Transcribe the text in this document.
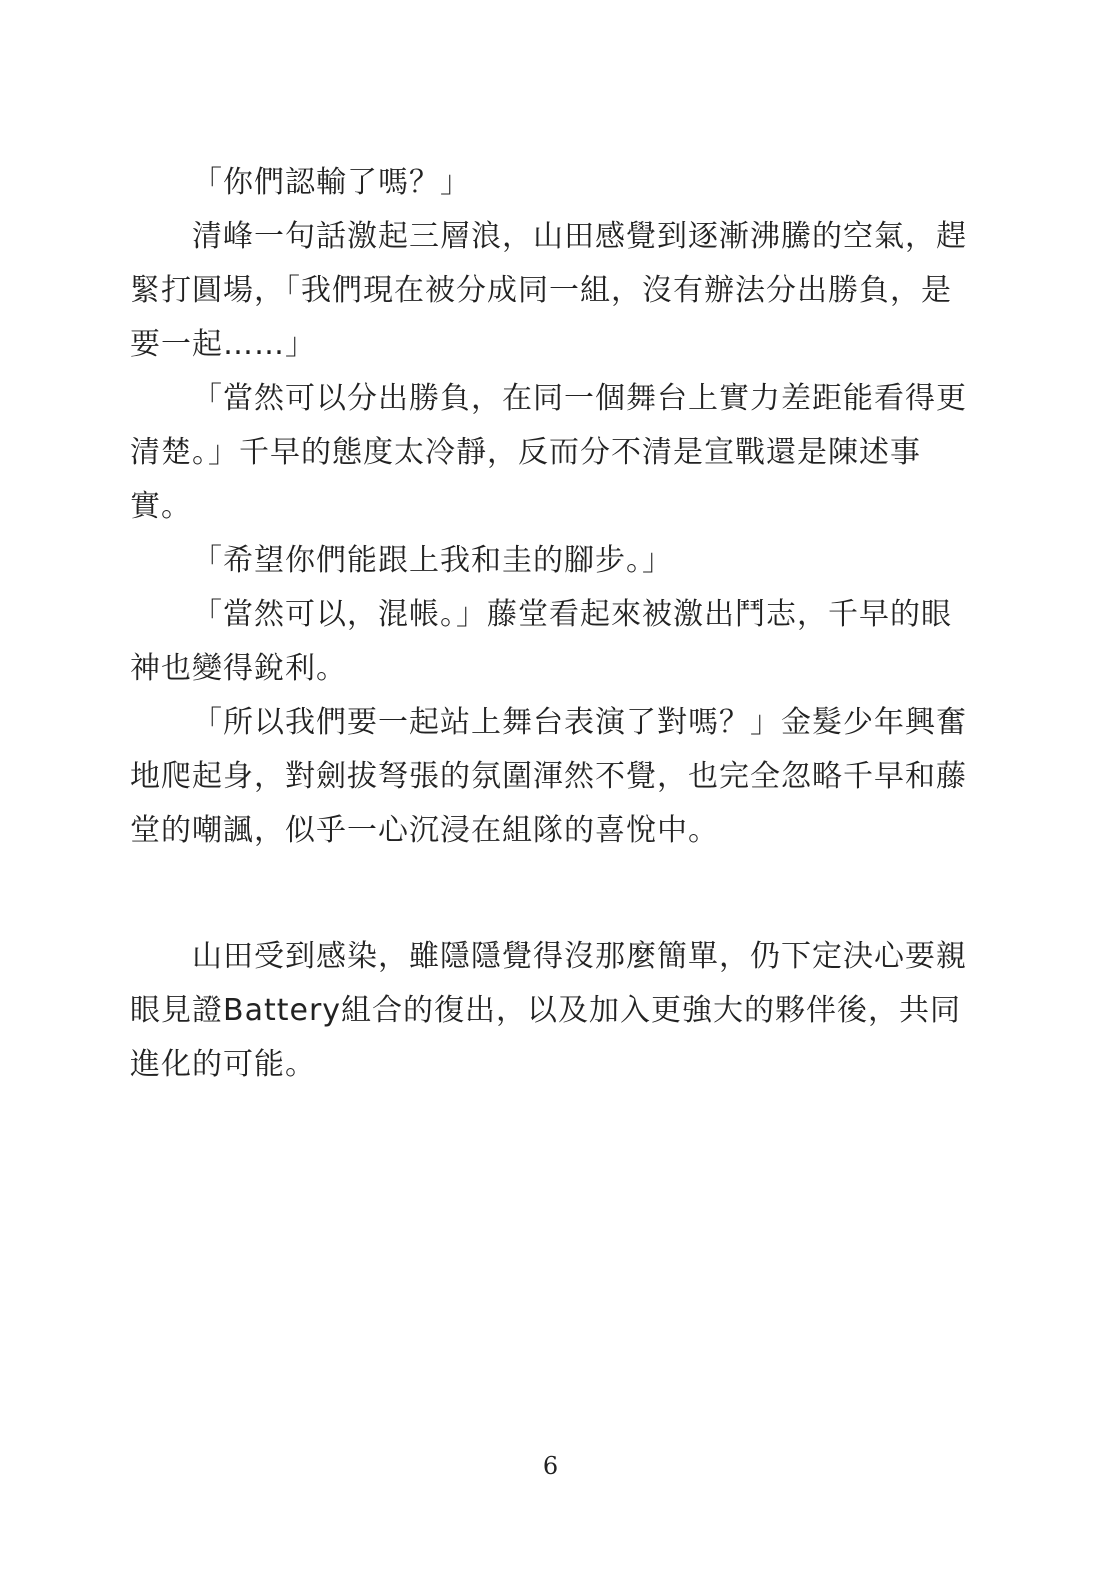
「你們認輸了嗎？」

清峰一句話激起三層浪，山田感覺到逐漸沸騰的空氣，趕
緊打圓場，「我們現在被分成同一組，沒有辦法分出勝負，是
要一起……」

「當然可以分出勝負，在同一個舞台上實力差距能看得更
清楚。」千早的態度太冷靜，反而分不清是宣戰還是陳述事
實。

「希望你們能跟上我和圭的腳步。」

「當然可以，混帳。」藤堂看起來被激出鬥志，千早的眼
神也變得銳利。

「所以我們要一起站上舞台表演了對嗎？」金髮少年興奮
地爬起身，對劍拔弩張的氛圍渾然不覺，也完全忽略千早和藤
堂的嘲諷，似乎一心沉浸在組隊的喜悅中。

山田受到感染，雖隱隱覺得沒那麼簡單，仍下定決心要親
眼見證Battery組合的復出，以及加入更強大的夥伴後，共同
進化的可能。

6
